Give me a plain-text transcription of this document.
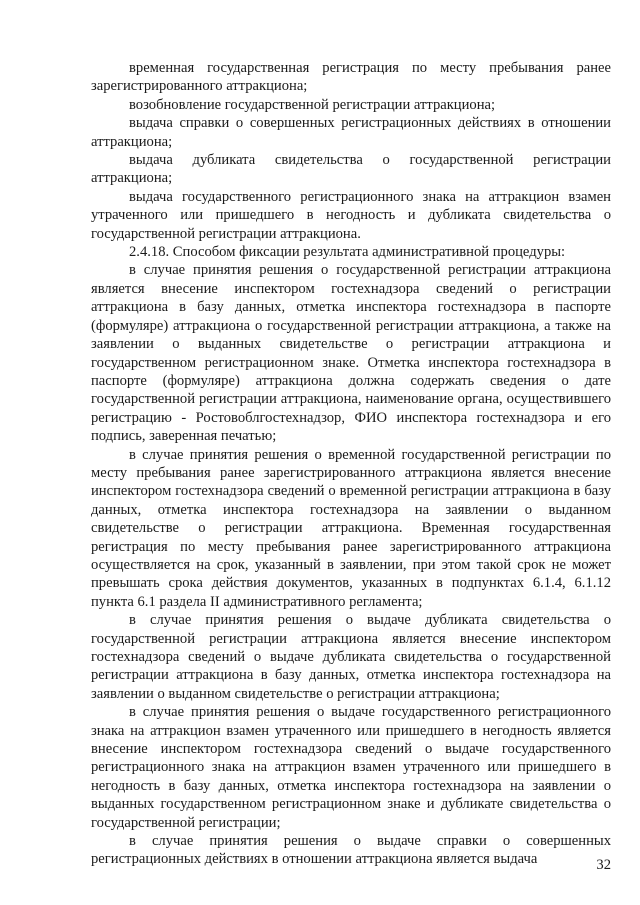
временная государственная регистрация по месту пребывания ранее зарегистрированного аттракциона;

возобновление государственной регистрации аттракциона;

выдача справки о совершенных регистрационных действиях в отношении аттракциона;

выдача дубликата свидетельства о государственной регистрации аттракциона;

выдача государственного регистрационного знака на аттракцион взамен утраченного или пришедшего в негодность и дубликата свидетельства о государственной регистрации аттракциона.

2.4.18. Способом фиксации результата административной процедуры:

в случае принятия решения о государственной регистрации аттракциона является внесение инспектором гостехнадзора сведений о регистрации аттракциона в базу данных, отметка инспектора гостехнадзора в паспорте (формуляре) аттракциона о государственной регистрации аттракциона, а также на заявлении о выданных свидетельстве о регистрации аттракциона и государственном регистрационном знаке. Отметка инспектора гостехнадзора в паспорте (формуляре) аттракциона должна содержать сведения о дате государственной регистрации аттракциона, наименование органа, осуществившего регистрацию - Ростовоблгостехнадзор, ФИО инспектора гостехнадзора и его подпись, заверенная печатью;

в случае принятия решения о временной государственной регистрации по месту пребывания ранее зарегистрированного аттракциона является внесение инспектором гостехнадзора сведений о временной регистрации аттракциона в базу данных, отметка инспектора гостехнадзора на заявлении о выданном свидетельстве о регистрации аттракциона. Временная государственная регистрация по месту пребывания ранее зарегистрированного аттракциона осуществляется на срок, указанный в заявлении, при этом такой срок не может превышать срока действия документов, указанных в подпунктах 6.1.4, 6.1.12 пункта 6.1 раздела II административного регламента;

в случае принятия решения о выдаче дубликата свидетельства о государственной регистрации аттракциона является внесение инспектором гостехнадзора сведений о выдаче дубликата свидетельства о государственной регистрации аттракциона в базу данных, отметка инспектора гостехнадзора на заявлении о выданном свидетельстве о регистрации аттракциона;

в случае принятия решения о выдаче государственного регистрационного знака на аттракцион взамен утраченного или пришедшего в негодность является внесение инспектором гостехнадзора сведений о выдаче государственного регистрационного знака на аттракцион взамен утраченного или пришедшего в негодность в базу данных, отметка инспектора гостехнадзора на заявлении о выданных государственном регистрационном знаке и дубликате свидетельства о государственной регистрации;

в случае принятия решения о выдаче справки о совершенных регистрационных действиях в отношении аттракциона является выдача	32
